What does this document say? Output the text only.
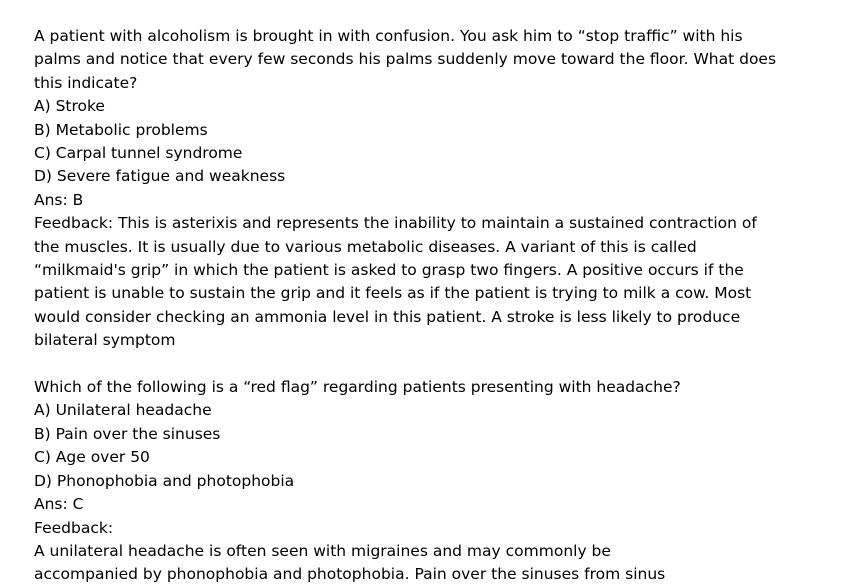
A patient with alcoholism is brought in with confusion. You ask him to “stop traffic” with his
palms and notice that every few seconds his palms suddenly move toward the floor. What does
this indicate?
A) Stroke
B) Metabolic problems
C) Carpal tunnel syndrome
D) Severe fatigue and weakness
Ans: B
Feedback: This is asterixis and represents the inability to maintain a sustained contraction of
the muscles. It is usually due to various metabolic diseases. A variant of this is called
“milkmaid's grip” in which the patient is asked to grasp two fingers. A positive occurs if the
patient is unable to sustain the grip and it feels as if the patient is trying to milk a cow. Most
would consider checking an ammonia level in this patient. A stroke is less likely to produce
bilateral symptom
Which of the following is a “red flag” regarding patients presenting with headache?
A) Unilateral headache
B) Pain over the sinuses
C) Age over 50
D) Phonophobia and photophobia
Ans: C
Feedback:
A unilateral headache is often seen with migraines and may commonly be
accompanied by phonophobia and photophobia. Pain over the sinuses from sinus
